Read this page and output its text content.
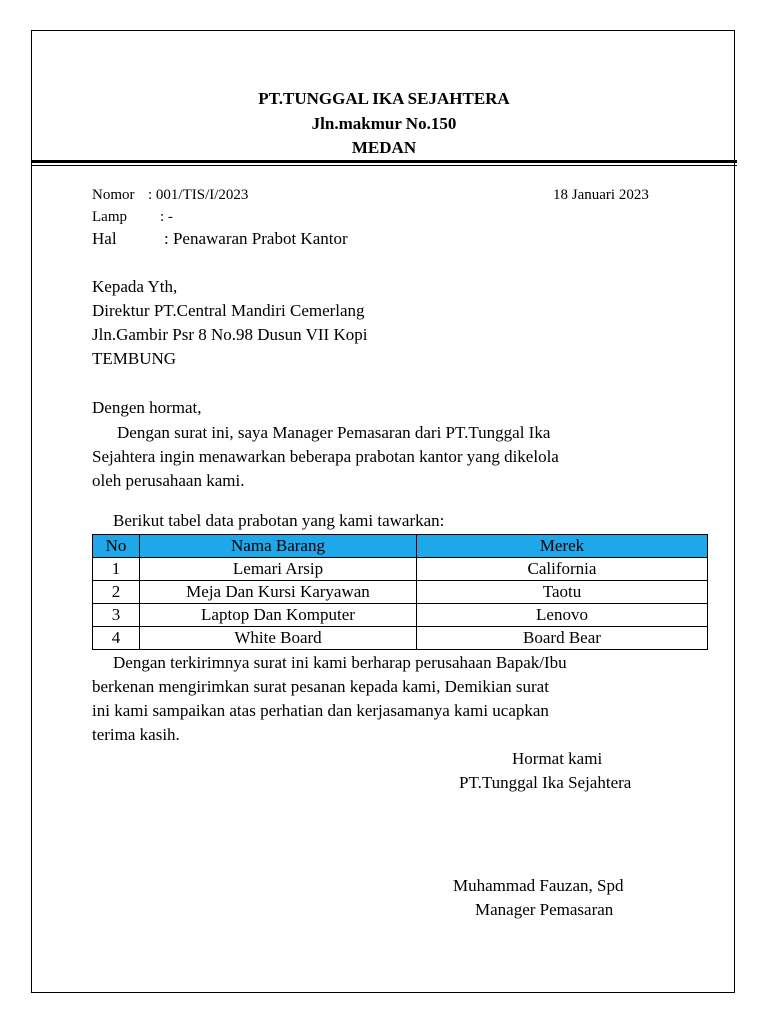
PT.TUNGGAL IKA SEJAHTERA
Jln.makmur No.150
MEDAN
Nomor : 001/TIS/I/2023	18 Januari 2023
Lamp : -
Hal	: Penawaran Prabot Kantor
Kepada Yth,
Direktur PT.Central Mandiri Cemerlang
Jln.Gambir Psr 8 No.98 Dusun VII Kopi
TEMBUNG
Dengen hormat,
Dengan surat ini, saya Manager Pemasaran dari PT.Tunggal Ika
Sejahtera ingin menawarkan beberapa prabotan kantor yang dikelola
oleh perusahaan kami.
Berikut tabel data prabotan yang kami tawarkan:
No	Nama Barang	Merek
1	Lemari Arsip	California
2	Meja Dan Kursi Karyawan	Taotu
3	Laptop Dan Komputer	Lenovo
4	White Board	Board Bear
Dengan terkirimnya surat ini kami berharap perusahaan Bapak/Ibu
berkenan mengirimkan surat pesanan kepada kami, Demikian surat
ini kami sampaikan atas perhatian dan kerjasamanya kami ucapkan
terima kasih.
Hormat kami
PT.Tunggal Ika Sejahtera
Muhammad Fauzan, Spd
Manager Pemasaran
